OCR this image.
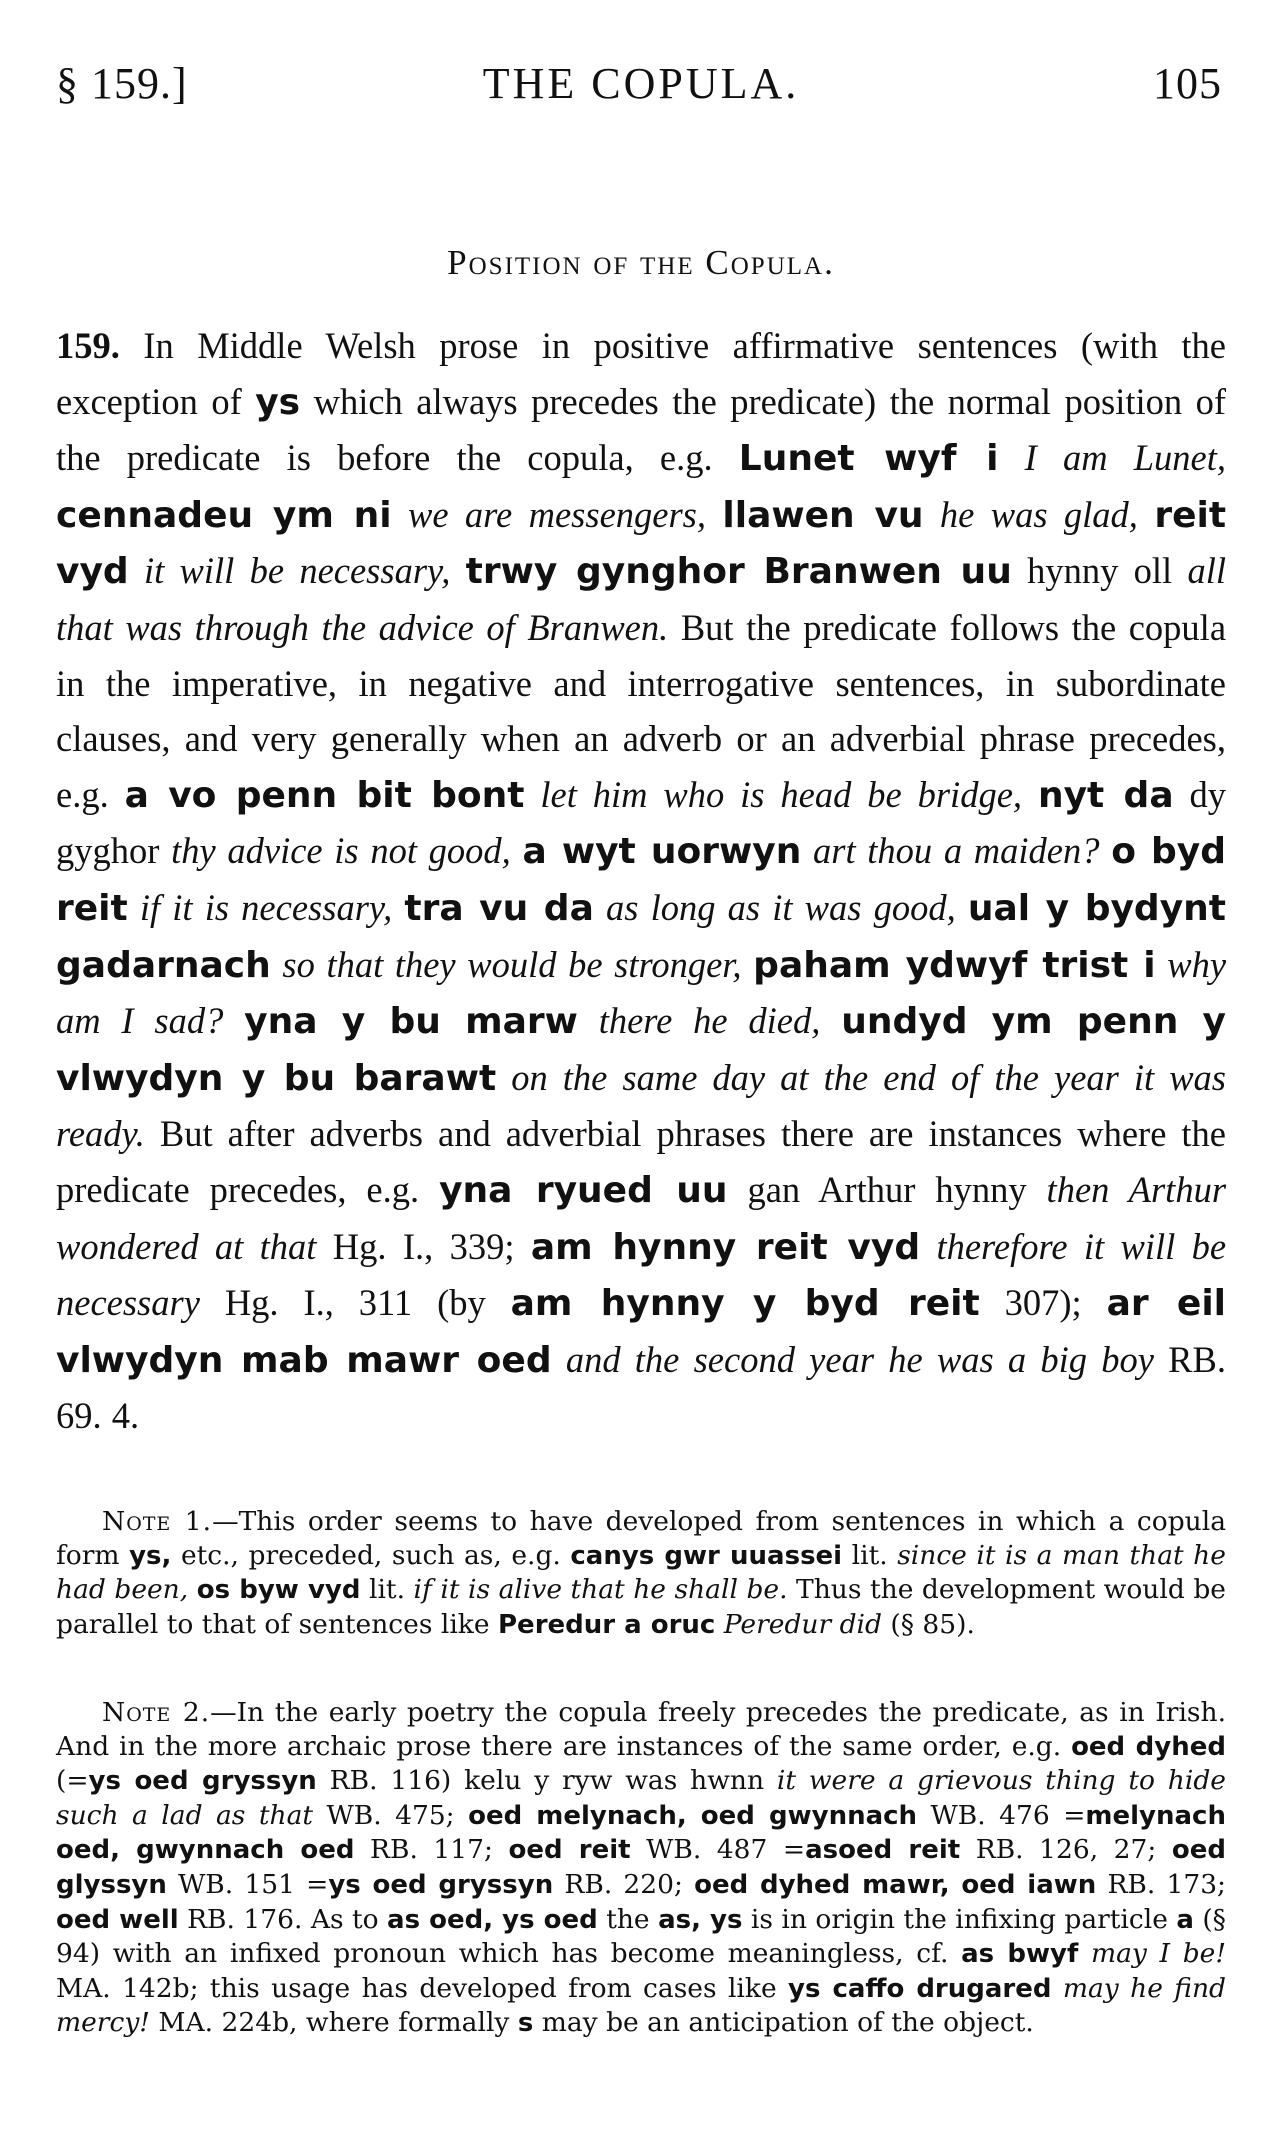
§ 159.]	THE COPULA.	105
Position of the Copula.
159. In Middle Welsh prose in positive affirmative sentences (with the exception of ys which always precedes the predicate) the normal position of the predicate is before the copula, e.g. Lunet wyf i I am Lunet, cennadeu ym ni we are messengers, llawen vu he was glad, reit vyd it will be necessary, trwy gynghor Branwen uu hynny oll all that was through the advice of Branwen. But the predicate follows the copula in the imperative, in negative and interrogative sentences, in subordinate clauses, and very generally when an adverb or an adverbial phrase precedes, e.g. a vo penn bit bont let him who is head be bridge, nyt da dy gyghor thy advice is not good, a wyt uorwyn art thou a maiden? o byd reit if it is necessary, tra vu da as long as it was good, ual y bydynt gadarnach so that they would be stronger, paham ydwyf trist i why am I sad? yna y bu marw there he died, undyd ym penn y vlwydyn y bu barawt on the same day at the end of the year it was ready. But after adverbs and adverbial phrases there are instances where the predicate precedes, e.g. yna ryued uu gan Arthur hynny then Arthur wondered at that Hg. I., 339; am hynny reit vyd therefore it will be necessary Hg. I., 311 (by am hynny y byd reit 307); ar eil vlwydyn mab mawr oed and the second year he was a big boy RB. 69. 4.
Note 1.—This order seems to have developed from sentences in which a copula form ys, etc., preceded, such as, e.g. canys gwr uuassei lit. since it is a man that he had been, os byw vyd lit. if it is alive that he shall be. Thus the development would be parallel to that of sentences like Peredur a oruc Peredur did (§ 85).
Note 2.—In the early poetry the copula freely precedes the predicate, as in Irish. And in the more archaic prose there are instances of the same order, e.g. oed dyhed (=ys oed gryssyn RB. 116) kelu y ryw was hwnn it were a grievous thing to hide such a lad as that WB. 475; oed melynach, oed gwynnach WB. 476 =melynach oed, gwynnach oed RB. 117; oed reit WB. 487 =asoed reit RB. 126, 27; oed glyssyn WB. 151 =ys oed gryssyn RB. 220; oed dyhed mawr, oed iawn RB. 173; oed well RB. 176. As to as oed, ys oed the as, ys is in origin the infixing particle a (§ 94) with an infixed pronoun which has become meaningless, cf. as bwyf may I be! MA. 142b; this usage has developed from cases like ys caffo drugared may he find mercy! MA. 224b, where formally s may be an anticipation of the object.
